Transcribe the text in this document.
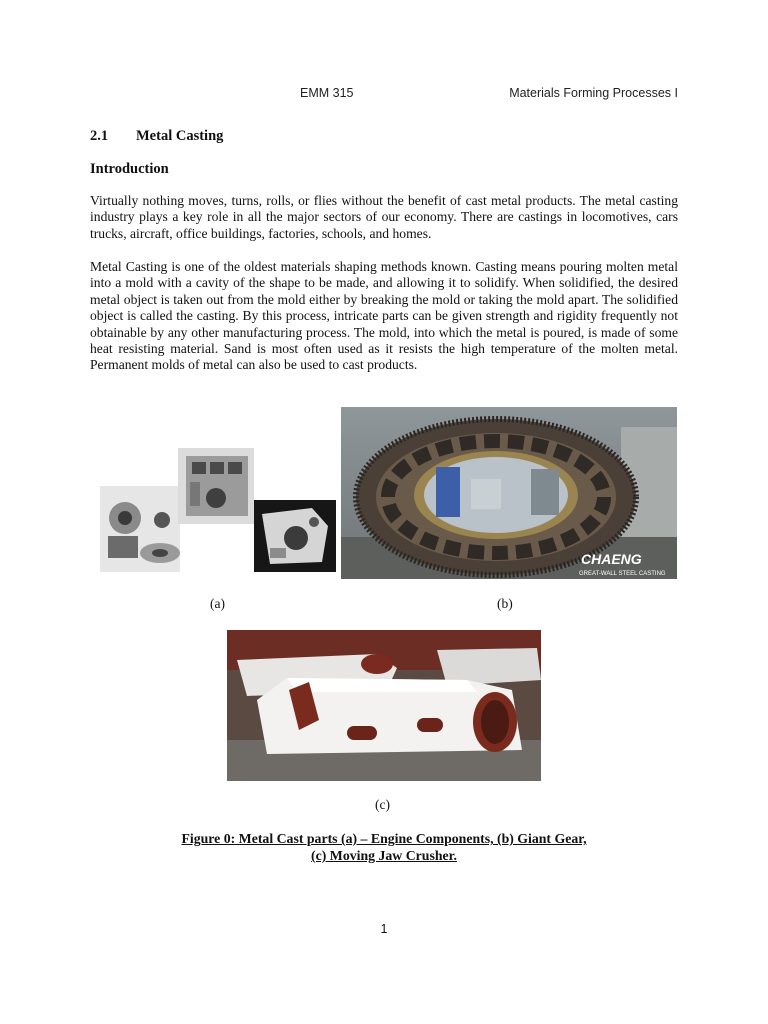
EMM 315	Materials Forming Processes I
2.1 Metal Casting
Introduction

Virtually nothing moves, turns, rolls, or flies without the benefit of cast metal products. The metal casting industry plays a key role in all the major sectors of our economy. There are castings in locomotives, cars trucks, aircraft, office buildings, factories, schools, and homes.

Metal Casting is one of the oldest materials shaping methods known. Casting means pouring molten metal into a mold with a cavity of the shape to be made, and allowing it to solidify. When solidified, the desired metal object is taken out from the mold either by breaking the mold or taking the mold apart. The solidified object is called the casting. By this process, intricate parts can be given strength and rigidity frequently not obtainable by any other manufacturing process. The mold, into which the metal is poured, is made of some heat resisting material. Sand is most often used as it resists the high temperature of the molten metal. Permanent molds of metal can also be used to cast products.

CHAENG
GREAT-WALL STEEL CASTING
(a)	(b)
(c)
Figure 0: Metal Cast parts (a) – Engine Components, (b) Giant Gear,
(c) Moving Jaw Crusher.
1
